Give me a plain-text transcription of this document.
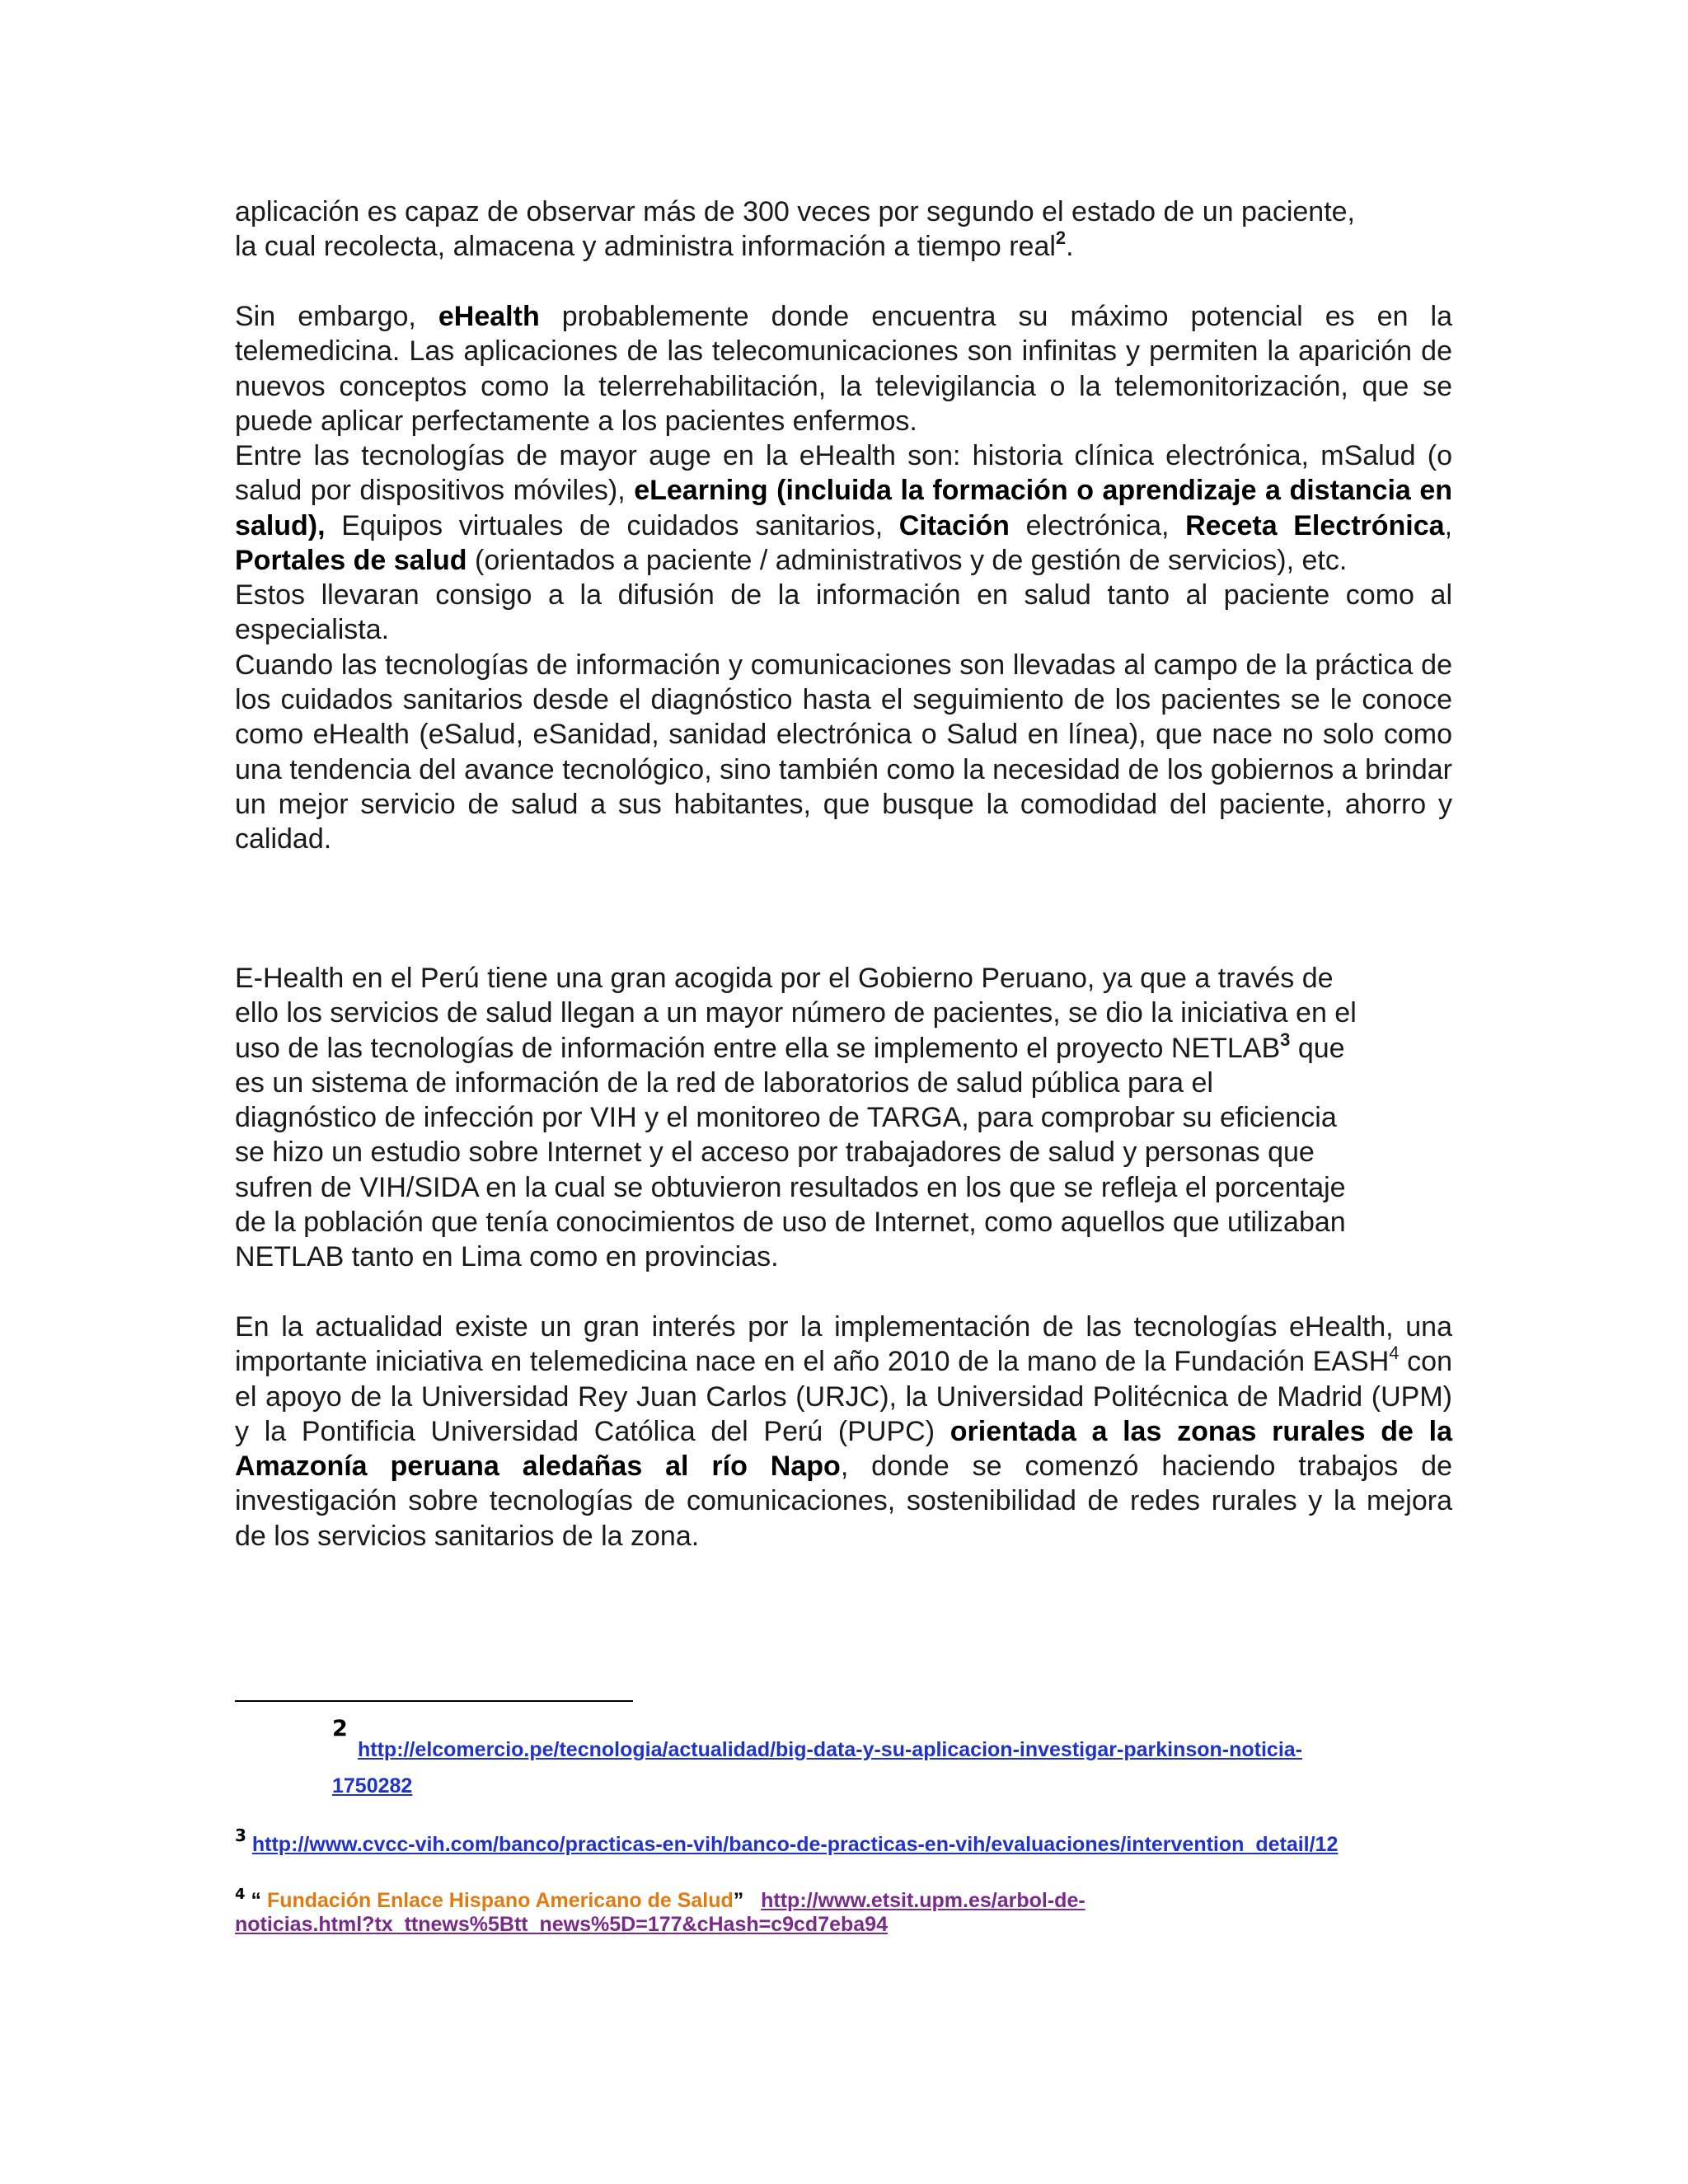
aplicación es capaz de observar más de 300 veces por segundo el estado de un paciente,
la cual recolecta, almacena y administra información a tiempo real$^2$.

Sin embargo, eHealth probablemente donde encuentra su máximo potencial es en la telemedicina. Las aplicaciones de las telecomunicaciones son infinitas y permiten la aparición de nuevos conceptos como la telerrehabilitación, la televigilancia o la telemonitorización, que se puede aplicar perfectamente a los pacientes enfermos.

Entre las tecnologías de mayor auge en la eHealth son: historia clínica electrónica, mSalud (o salud por dispositivos móviles), eLearning (incluida la formación o aprendizaje a distancia en salud), Equipos virtuales de cuidados sanitarios, Citación electrónica, Receta Electrónica, Portales de salud (orientados a paciente / administrativos y de gestión de servicios), etc.

Estos llevaran consigo a la difusión de la información en salud tanto al paciente como al especialista.

Cuando las tecnologías de información y comunicaciones son llevadas al campo de la práctica de los cuidados sanitarios desde el diagnóstico hasta el seguimiento de los pacientes se le conoce como eHealth (eSalud, eSanidad, sanidad electrónica o Salud en línea), que nace no solo como una tendencia del avance tecnológico, sino también como la necesidad de los gobiernos a brindar un mejor servicio de salud a sus habitantes, que busque la comodidad del paciente, ahorro y calidad.

E-Health en el Perú tiene una gran acogida por el Gobierno Peruano, ya que a través de
ello los servicios de salud llegan a un mayor número de pacientes, se dio la iniciativa en el
uso de las tecnologías de información entre ella se implemento el proyecto NETLAB$^3$ que
es un sistema de información de la red de laboratorios de salud pública para el
diagnóstico de infección por VIH y el monitoreo de TARGA, para comprobar su eficiencia
se hizo un estudio sobre Internet y el acceso por trabajadores de salud y personas que
sufren de VIH/SIDA en la cual se obtuvieron resultados en los que se refleja el porcentaje
de la población que tenía conocimientos de uso de Internet, como aquellos que utilizaban
NETLAB tanto en Lima como en provincias.

En la actualidad existe un gran interés por la implementación de las tecnologías eHealth, una importante iniciativa en telemedicina nace en el año 2010 de la mano de la Fundación EASH$^4$ con el apoyo de la Universidad Rey Juan Carlos (URJC), la Universidad Politécnica de Madrid (UPM) y la Pontificia Universidad Católica del Perú (PUPC) orientada a las zonas rurales de la Amazonía peruana aledañas al río Napo, donde se comenzó haciendo trabajos de investigación sobre tecnologías de comunicaciones, sostenibilidad de redes rurales y la mejora de los servicios sanitarios de la zona.

2
http://elcomercio.pe/tecnologia/actualidad/big-data-y-su-aplicacion-investigar-parkinson-noticia-
1750282
$^3$ http://www.cvcc-vih.com/banco/practicas-en-vih/banco-de-practicas-en-vih/evaluaciones/intervention_detail/12
$^4$ “ Fundación Enlace Hispano Americano de Salud”   http://www.etsit.upm.es/arbol-de-
noticias.html?tx_ttnews%5Btt_news%5D=177&cHash=c9cd7eba94
